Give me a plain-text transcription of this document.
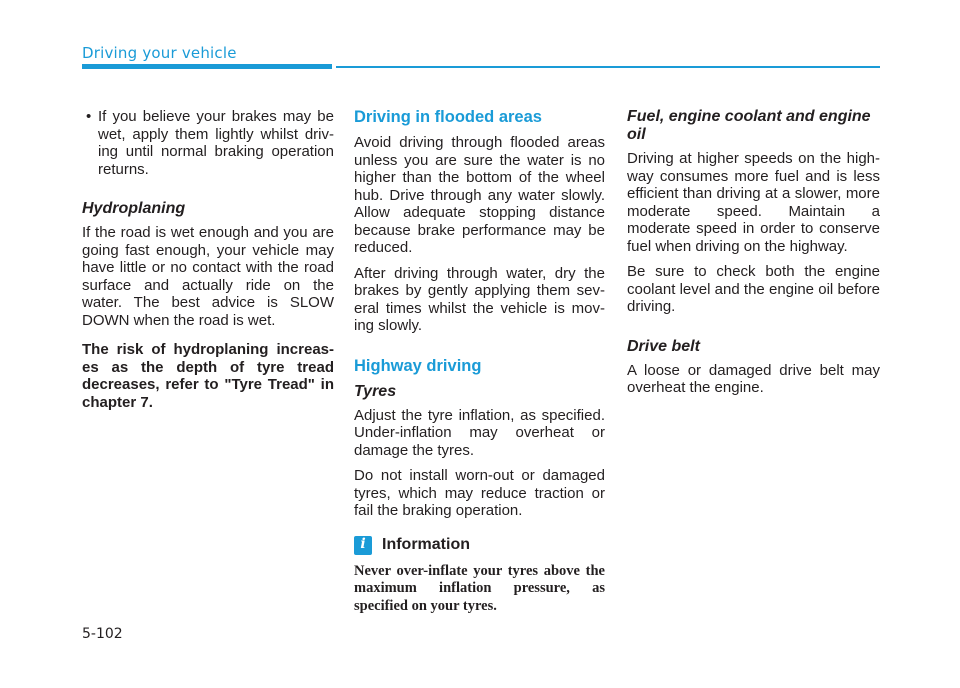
Driving your vehicle
• If you believe your brakes may be wet, apply them lightly whilst driv-ing until normal braking operation returns.
Hydroplaning

If the road is wet enough and you are going fast enough, your vehicle may have little or no contact with the road surface and actually ride on the water. The best advice is SLOW DOWN when the road is wet.

The risk of hydroplaning increas-es as the depth of tyre tread decreases, refer to "Tyre Tread" in chapter 7.

Driving in flooded areas

Avoid driving through flooded areas unless you are sure the water is no higher than the bottom of the wheel hub. Drive through any water slowly. Allow adequate stopping distance because brake performance may be reduced.

After driving through water, dry the brakes by gently applying them sev-eral times whilst the vehicle is mov-ing slowly.

Highway driving
Tyres

Adjust the tyre inflation, as specified. Under-inflation may overheat or damage the tyres.

Do not install worn-out or damaged tyres, which may reduce traction or fail the braking operation.

i	Information

Never over-inflate your tyres above the maximum inflation pressure, as specified on your tyres.

Fuel, engine coolant and engine oil

Driving at higher speeds on the high-way consumes more fuel and is less efficient than driving at a slower, more moderate speed. Maintain a moderate speed in order to conserve fuel when driving on the highway.

Be sure to check both the engine coolant level and the engine oil before driving.

Drive belt

A loose or damaged drive belt may overheat the engine.

5-102
